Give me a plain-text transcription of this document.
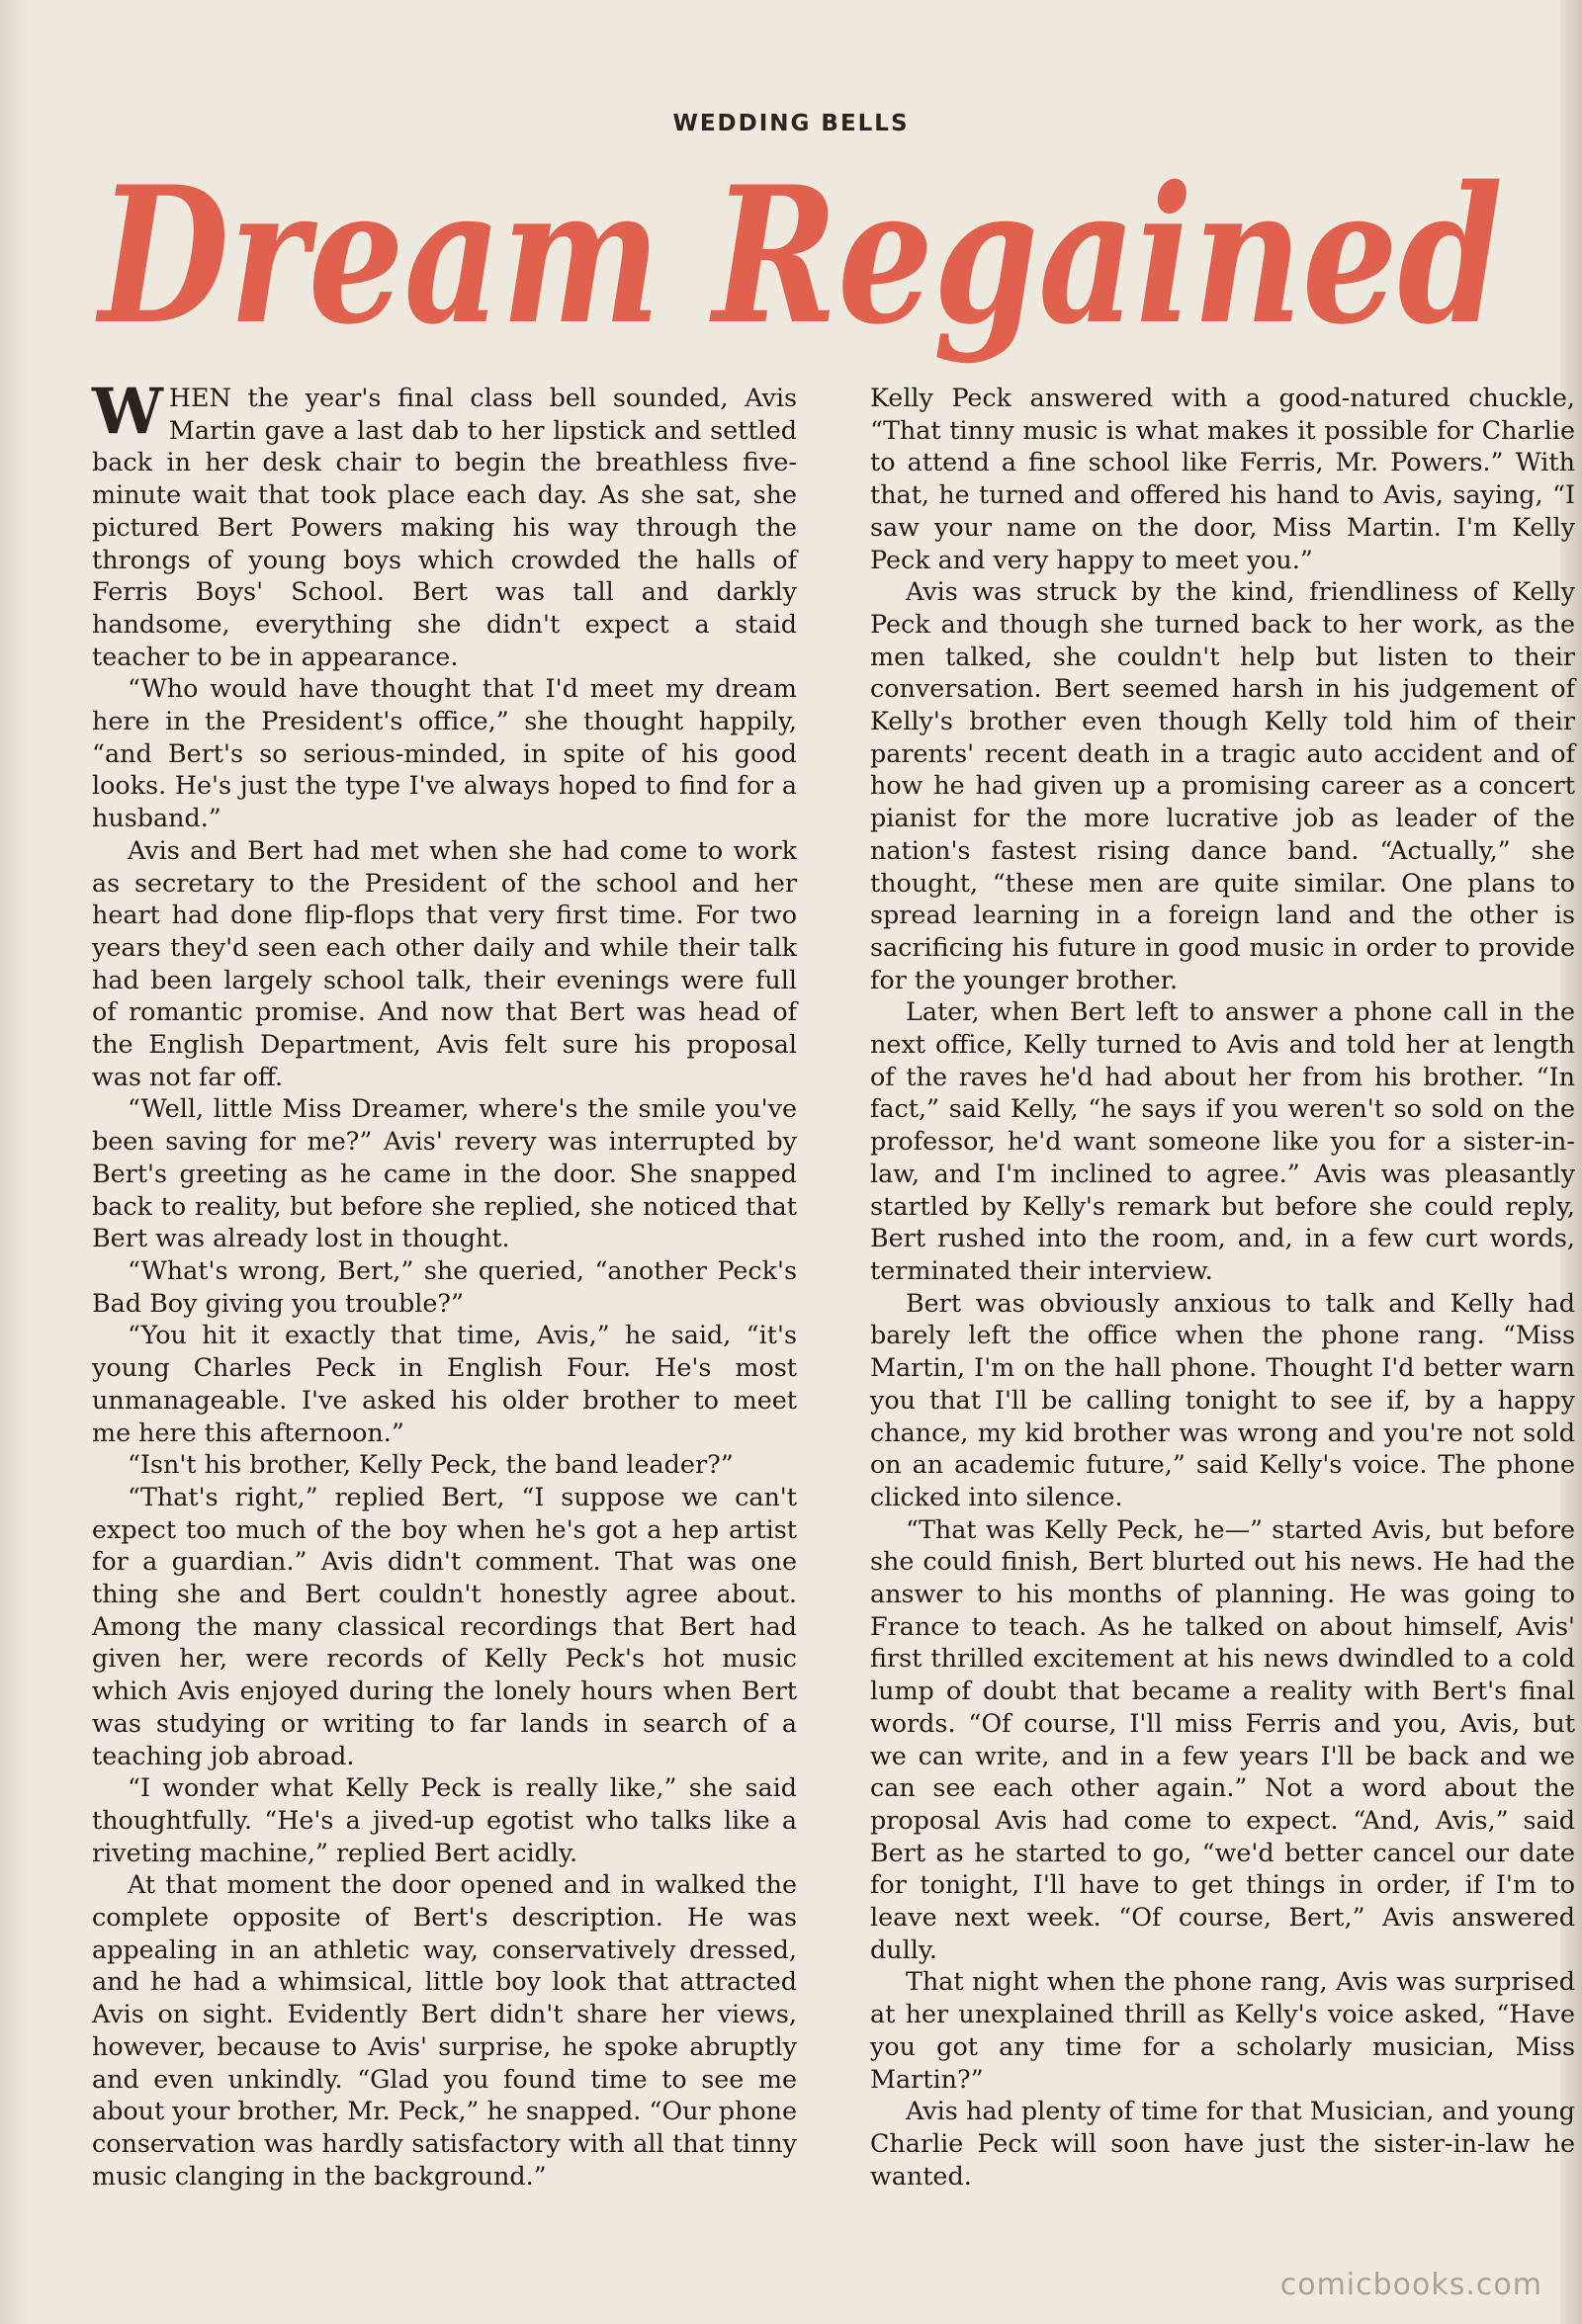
WEDDING BELLS
Dream Regained

WHEN the year's final class bell sounded, Avis Martin gave a last dab to her lipstick and settled back in her desk chair to begin the breathless five-minute wait that took place each day. As she sat, she pictured Bert Powers making his way through the throngs of young boys which crowded the halls of Ferris Boys' School. Bert was tall and darkly handsome, everything she didn't expect a staid teacher to be in appearance.

“Who would have thought that I'd meet my dream here in the President's office,” she thought happily, “and Bert's so serious-minded, in spite of his good looks. He's just the type I've always hoped to find for a husband.”

Avis and Bert had met when she had come to work as secretary to the President of the school and her heart had done flip-flops that very first time. For two years they'd seen each other daily and while their talk had been largely school talk, their evenings were full of romantic promise. And now that Bert was head of the English Department, Avis felt sure his proposal was not far off.

“Well, little Miss Dreamer, where's the smile you've been saving for me?” Avis' revery was interrupted by Bert's greeting as he came in the door. She snapped back to reality, but before she replied, she noticed that Bert was already lost in thought.

“What's wrong, Bert,” she queried, “another Peck's Bad Boy giving you trouble?”

“You hit it exactly that time, Avis,” he said, “it's young Charles Peck in English Four. He's most unmanageable. I've asked his older brother to meet me here this afternoon.”

“Isn't his brother, Kelly Peck, the band leader?”

“That's right,” replied Bert, “I suppose we can't expect too much of the boy when he's got a hep artist for a guardian.” Avis didn't comment. That was one thing she and Bert couldn't honestly agree about. Among the many classical recordings that Bert had given her, were records of Kelly Peck's hot music which Avis enjoyed during the lonely hours when Bert was studying or writing to far lands in search of a teaching job abroad.

“I wonder what Kelly Peck is really like,” she said thoughtfully. “He's a jived-up egotist who talks like a riveting machine,” replied Bert acidly.

At that moment the door opened and in walked the complete opposite of Bert's description. He was appealing in an athletic way, conservatively dressed, and he had a whimsical, little boy look that attracted Avis on sight. Evidently Bert didn't share her views, however, because to Avis' surprise, he spoke abruptly and even unkindly. “Glad you found time to see me about your brother, Mr. Peck,” he snapped. “Our phone conservation was hardly satisfactory with all that tinny music clanging in the background.”

Kelly Peck answered with a good-natured chuckle, “That tinny music is what makes it possible for Charlie to attend a fine school like Ferris, Mr. Powers.” With that, he turned and offered his hand to Avis, saying, “I saw your name on the door, Miss Martin. I'm Kelly Peck and very happy to meet you.”

Avis was struck by the kind, friendliness of Kelly Peck and though she turned back to her work, as the men talked, she couldn't help but listen to their conversation. Bert seemed harsh in his judgement of Kelly's brother even though Kelly told him of their parents' recent death in a tragic auto accident and of how he had given up a promising career as a concert pianist for the more lucrative job as leader of the nation's fastest rising dance band. “Actually,” she thought, “these men are quite similar. One plans to spread learning in a foreign land and the other is sacrificing his future in good music in order to provide for the younger brother.

Later, when Bert left to answer a phone call in the next office, Kelly turned to Avis and told her at length of the raves he'd had about her from his brother. “In fact,” said Kelly, “he says if you weren't so sold on the professor, he'd want someone like you for a sister-in-law, and I'm inclined to agree.” Avis was pleasantly startled by Kelly's remark but before she could reply, Bert rushed into the room, and, in a few curt words, terminated their interview.

Bert was obviously anxious to talk and Kelly had barely left the office when the phone rang. “Miss Martin, I'm on the hall phone. Thought I'd better warn you that I'll be calling tonight to see if, by a happy chance, my kid brother was wrong and you're not sold on an academic future,” said Kelly's voice. The phone clicked into silence.

“That was Kelly Peck, he—” started Avis, but before she could finish, Bert blurted out his news. He had the answer to his months of planning. He was going to France to teach. As he talked on about himself, Avis' first thrilled excitement at his news dwindled to a cold lump of doubt that became a reality with Bert's final words. “Of course, I'll miss Ferris and you, Avis, but we can write, and in a few years I'll be back and we can see each other again.” Not a word about the proposal Avis had come to expect. “And, Avis,” said Bert as he started to go, “we'd better cancel our date for tonight, I'll have to get things in order, if I'm to leave next week. “Of course, Bert,” Avis answered dully.

That night when the phone rang, Avis was surprised at her unexplained thrill as Kelly's voice asked, “Have you got any time for a scholarly musician, Miss Martin?”

Avis had plenty of time for that Musician, and young Charlie Peck will soon have just the sister-in-law he wanted.

comicbooks.com
